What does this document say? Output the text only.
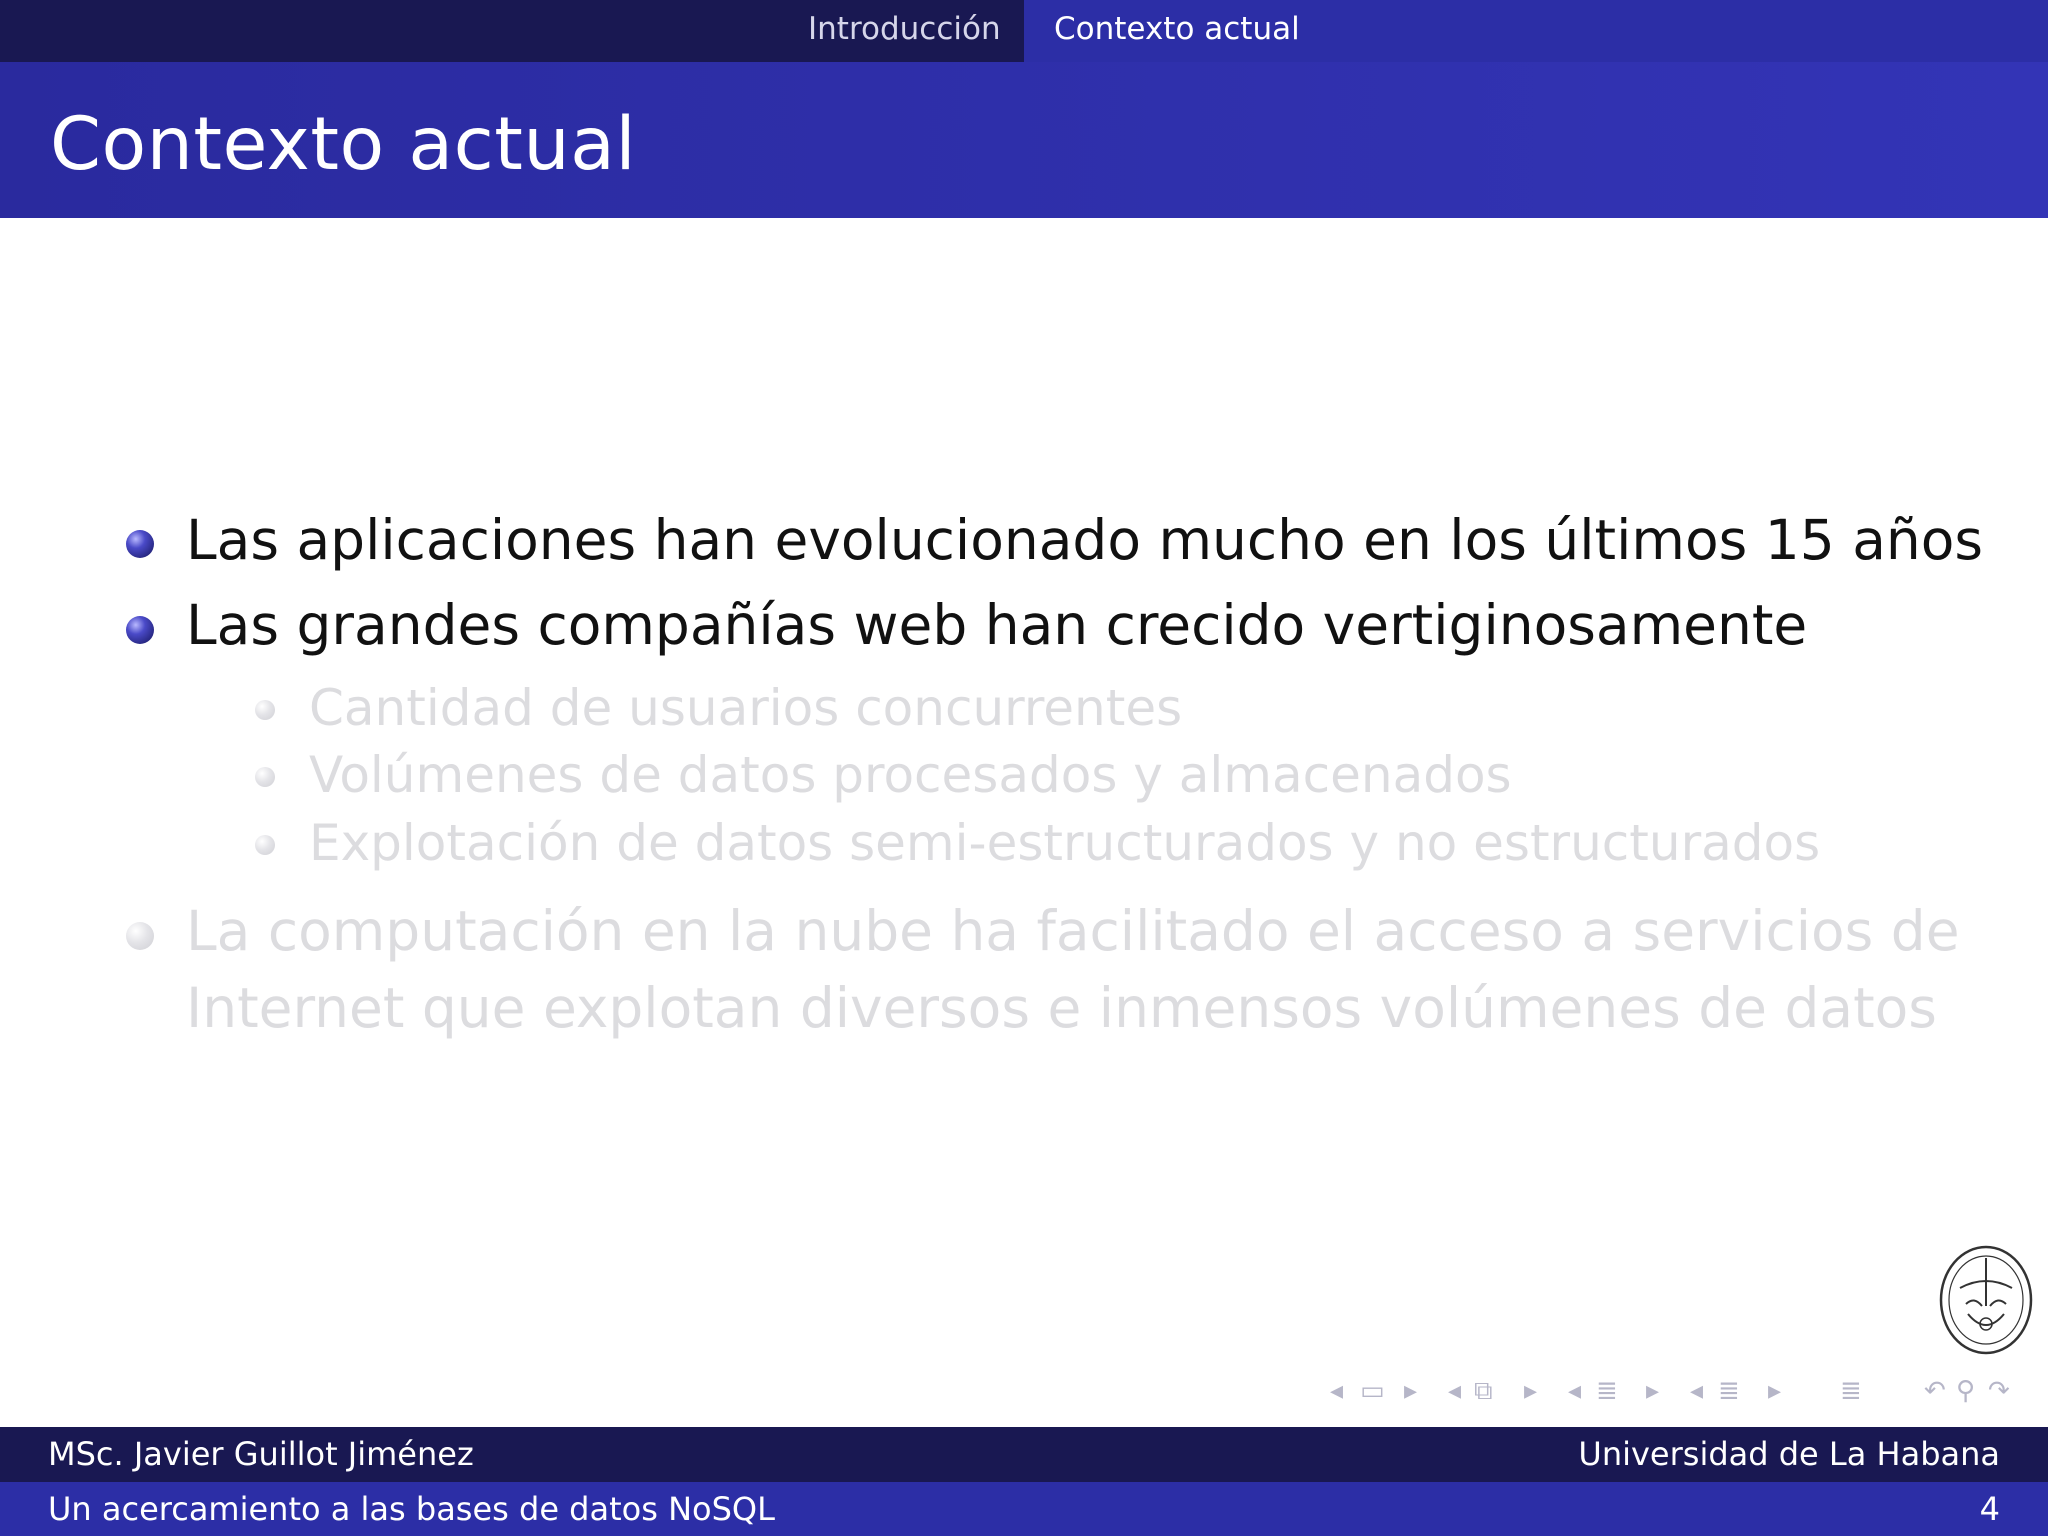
Introducción	Contexto actual
Contexto actual
Las aplicaciones han evolucionado mucho en los últimos 15 años
Las grandes compañías web han crecido vertiginosamente
Cantidad de usuarios concurrentes
Volúmenes de datos procesados y almacenados
Explotación de datos semi-estructurados y no estructurados
La computación en la nube ha facilitado el acceso a servicios de
Internet que explotan diversos e inmensos volúmenes de datos
◂ ▭ ▸ ◂ ⧉ ▸ ◂ ≣ ▸ ◂ ≣ ▸ ≣ ↶ ⚲ ↷
MSc. Javier Guillot Jiménez	Universidad de La Habana
Un acercamiento a las bases de datos NoSQL	4
